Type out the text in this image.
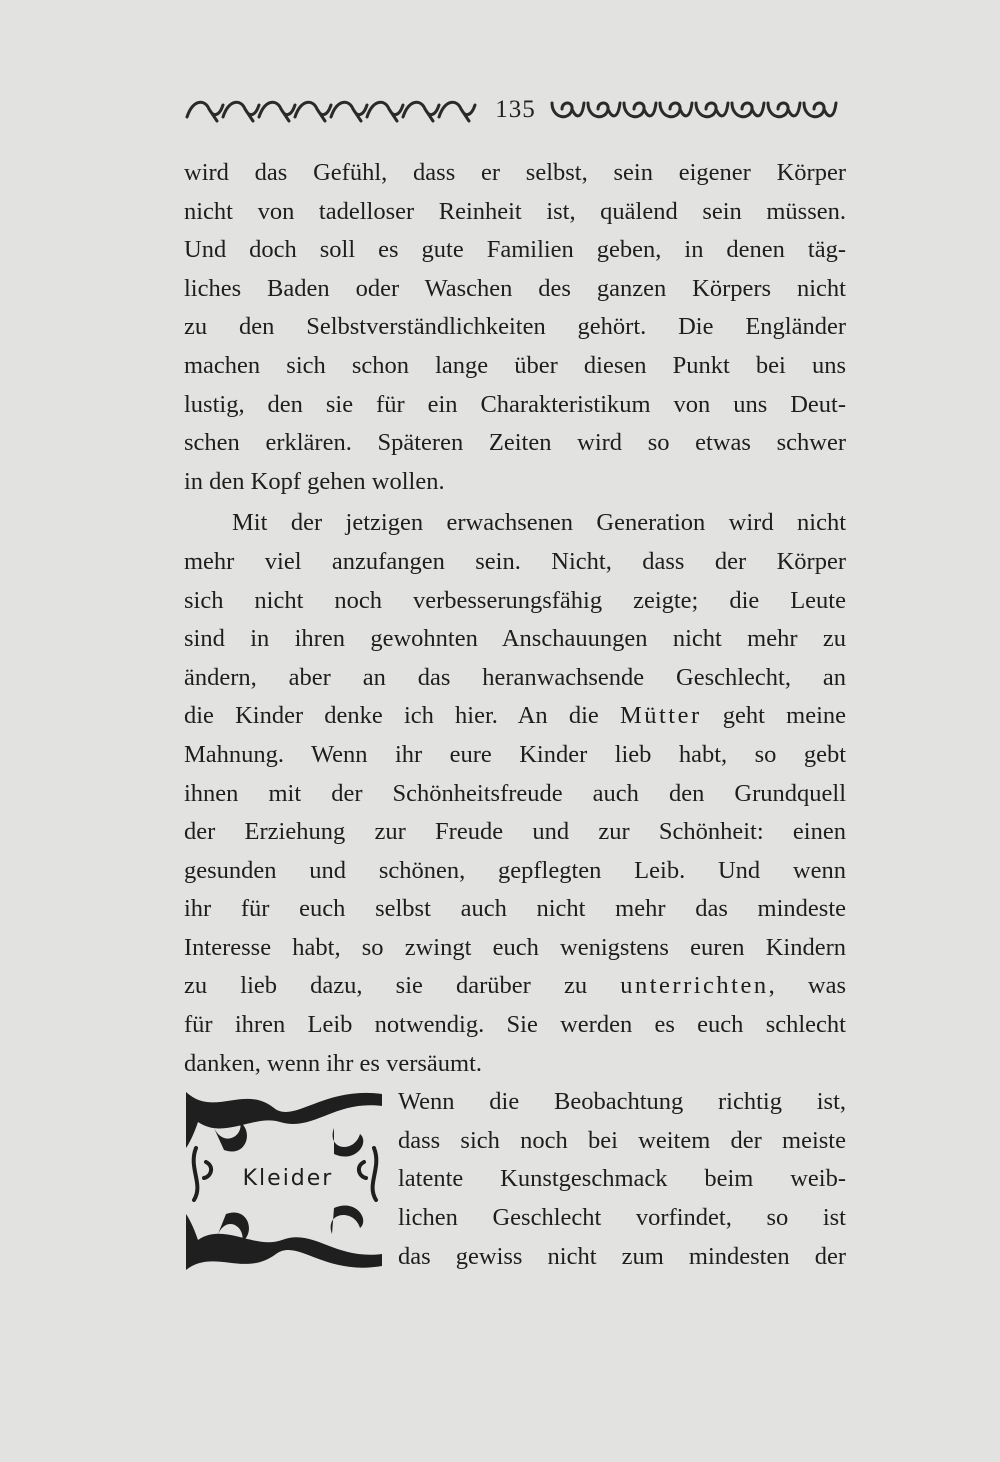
135
wird das Gefühl, dass er selbst, sein eigener Körper
nicht von tadelloser Reinheit ist, quälend sein müssen.
Und doch soll es gute Familien geben, in denen täg-
liches Baden oder Waschen des ganzen Körpers nicht
zu den Selbstverständlichkeiten gehört. Die Engländer
machen sich schon lange über diesen Punkt bei uns
lustig, den sie für ein Charakteristikum von uns Deut-
schen erklären. Späteren Zeiten wird so etwas schwer
in den Kopf gehen wollen.
Mit der jetzigen erwachsenen Generation wird nicht
mehr viel anzufangen sein. Nicht, dass der Körper
sich nicht noch verbesserungsfähig zeigte; die Leute
sind in ihren gewohnten Anschauungen nicht mehr zu
ändern, aber an das heranwachsende Geschlecht, an
die Kinder denke ich hier. An die Mütter geht meine
Mahnung. Wenn ihr eure Kinder lieb habt, so gebt
ihnen mit der Schönheitsfreude auch den Grundquell
der Erziehung zur Freude und zur Schönheit: einen
gesunden und schönen, gepflegten Leib. Und wenn
ihr für euch selbst auch nicht mehr das mindeste
Interesse habt, so zwingt euch wenigstens euren Kindern
zu lieb dazu, sie darüber zu unterrichten, was
für ihren Leib notwendig. Sie werden es euch schlecht
danken, wenn ihr es versäumt.
Kleider
Wenn die Beobachtung richtig ist,
dass sich noch bei weitem der meiste
latente Kunstgeschmack beim weib-
lichen Geschlecht vorfindet, so ist
das gewiss nicht zum mindesten der
